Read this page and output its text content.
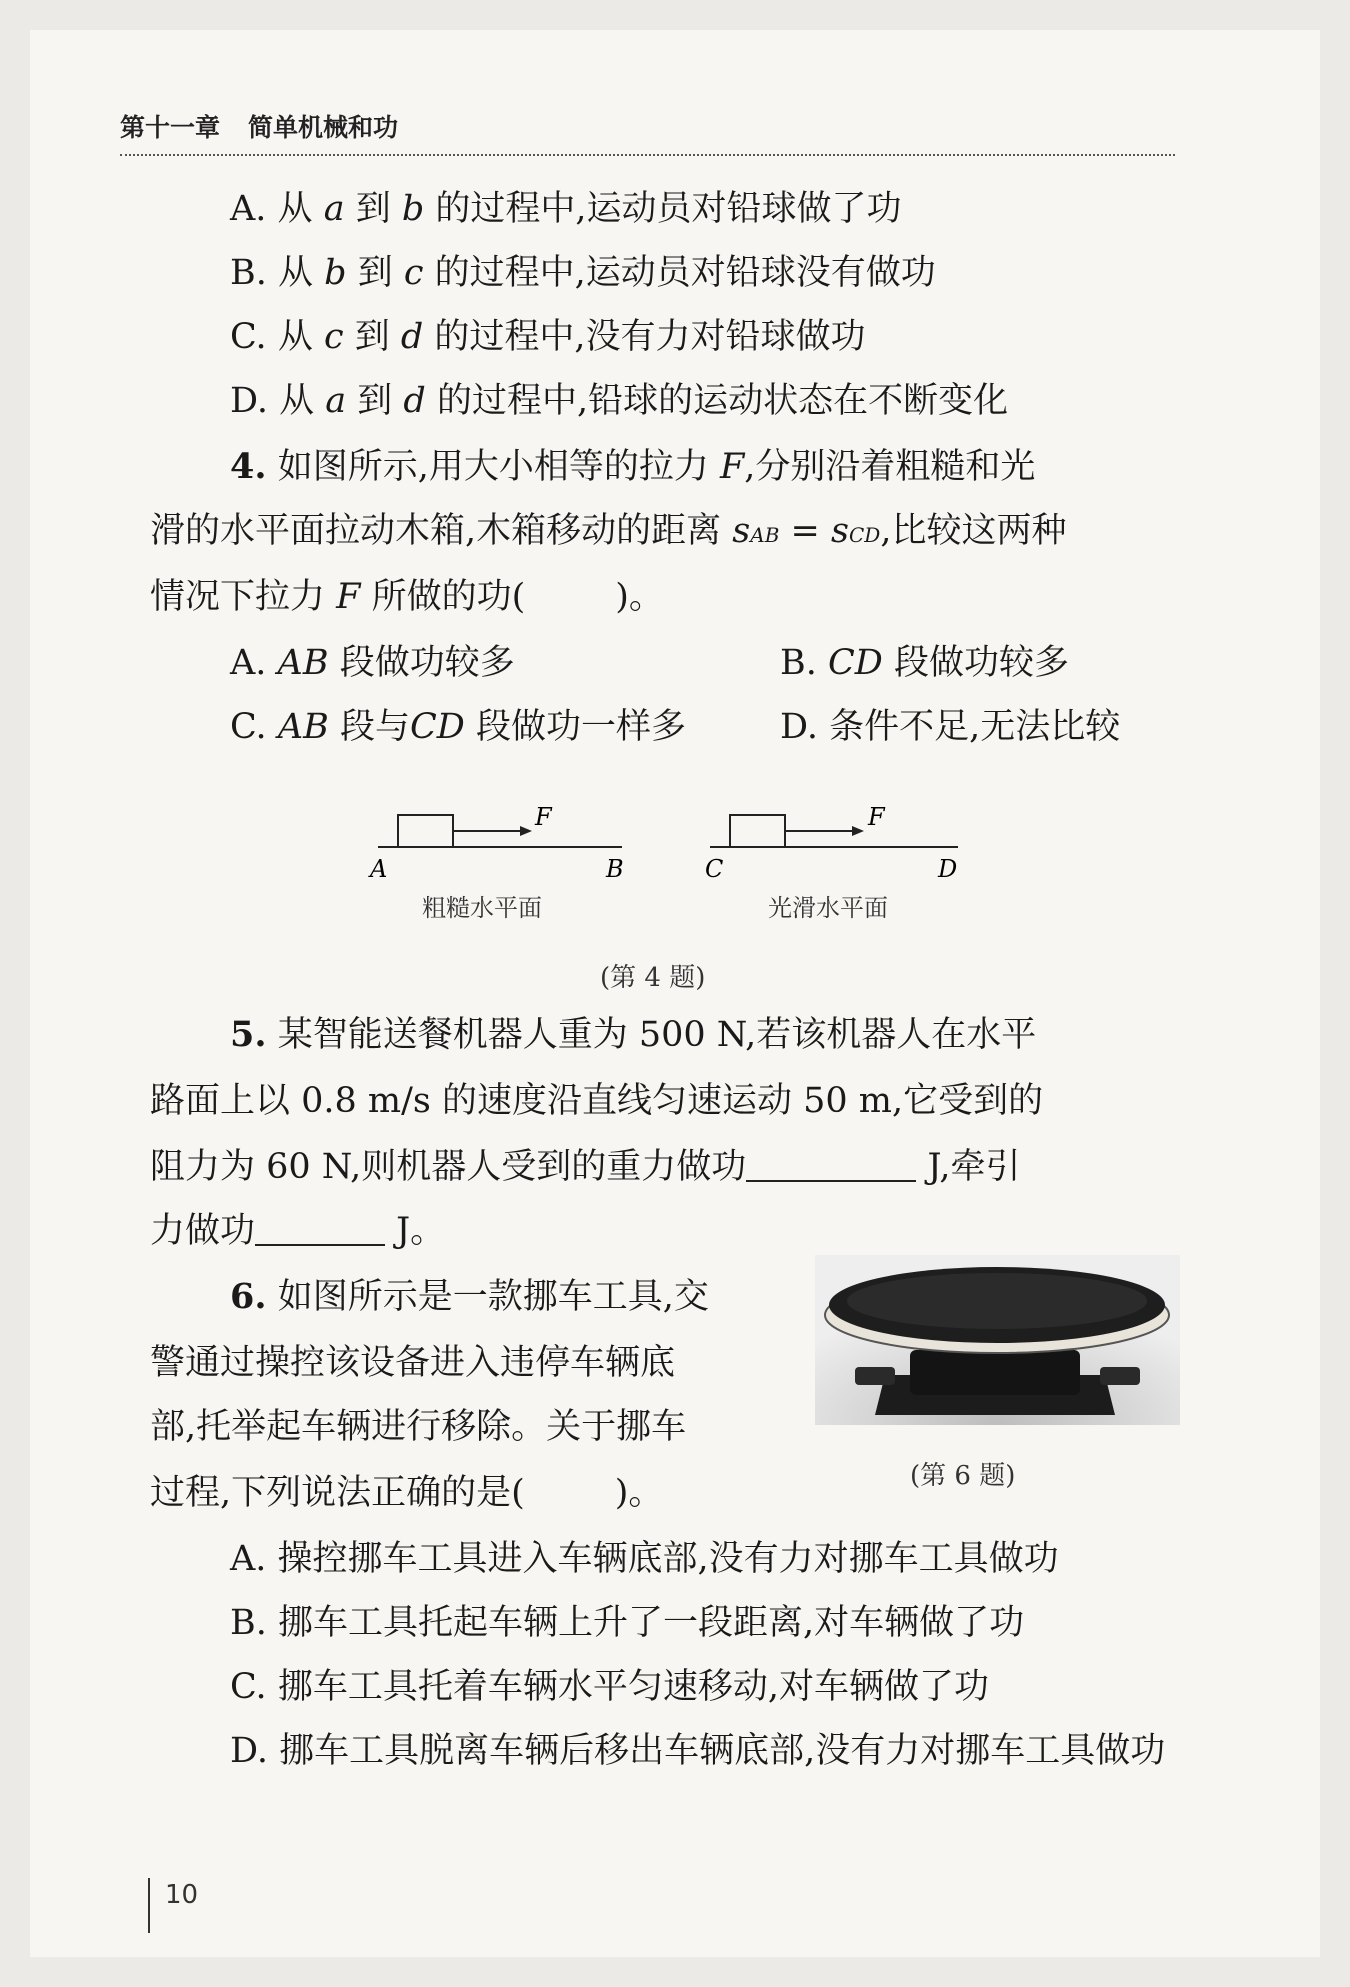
第十一章 简单机械和功
A. 从 a 到 b 的过程中,运动员对铅球做了功
B. 从 b 到 c 的过程中,运动员对铅球没有做功
C. 从 c 到 d 的过程中,没有力对铅球做功
D. 从 a 到 d 的过程中,铅球的运动状态在不断变化
4. 如图所示,用大小相等的拉力 F,分别沿着粗糙和光
滑的水平面拉动木箱,木箱移动的距离 sAB = sCD,比较这两种
情况下拉力 F 所做的功(	)。
A. AB 段做功较多	B. CD 段做功较多
C. AB 段与CD 段做功一样多	D. 条件不足,无法比较
F
A	B
F
C	D
粗糙水平面	光滑水平面
(第 4 题)
5. 某智能送餐机器人重为 500 N,若该机器人在水平
路面上以 0.8 m/s 的速度沿直线匀速运动 50 m,它受到的
阻力为 60 N,则机器人受到的重力做功	J,牵引
力做功	J。
6. 如图所示是一款挪车工具,交
警通过操控该设备进入违停车辆底
部,托举起车辆进行移除。关于挪车
过程,下列说法正确的是(	)。	(第 6 题)
A. 操控挪车工具进入车辆底部,没有力对挪车工具做功
B. 挪车工具托起车辆上升了一段距离,对车辆做了功
C. 挪车工具托着车辆水平匀速移动,对车辆做了功
D. 挪车工具脱离车辆后移出车辆底部,没有力对挪车工具做功
10
